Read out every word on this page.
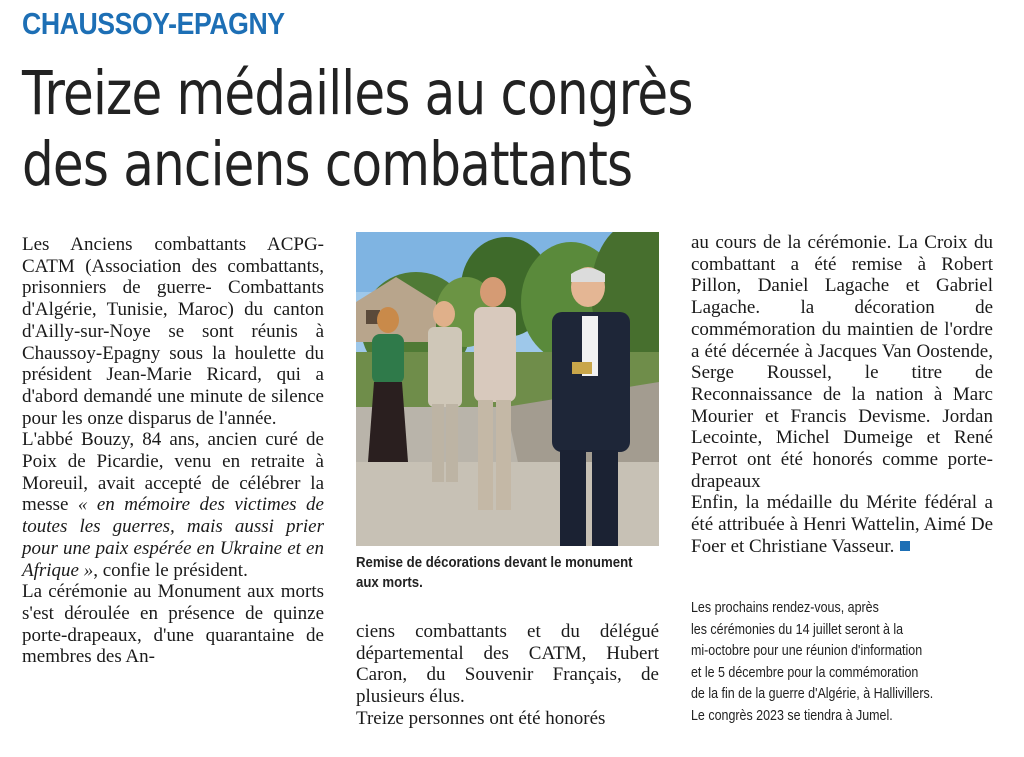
CHAUSSOY-EPAGNY
Treize médailles au congrès
des anciens combattants

Les Anciens combattants ACPG-CATM (Association des combattants, prisonniers de guerre- Combattants d'Algérie, Tunisie, Maroc) du canton d'Ailly-sur-Noye se sont réunis à Chaussoy-Epagny sous la houlette du président Jean-Marie Ricard, qui a d'abord demandé une minute de silence pour les onze disparus de l'année.

L'abbé Bouzy, 84 ans, ancien curé de Poix de Picardie, venu en retraite à Moreuil, avait accepté de célébrer la messe « en mémoire des victimes de toutes les guerres, mais aussi prier pour une paix espérée en Ukraine et en Afrique », confie le président.

La cérémonie au Monument aux morts s'est déroulée en présence de quinze porte-drapeaux, d'une quarantaine de membres des An-

Remise de décorations devant le monument aux morts.

ciens combattants et du délégué départemental des CATM, Hubert Caron, du Souvenir Français, de plusieurs élus.

Treize personnes ont été honorés

au cours de la cérémonie. La Croix du combattant a été remise à Robert Pillon, Daniel Lagache et Gabriel Lagache. la décoration de commémoration du maintien de l'ordre a été décernée à Jacques Van Oostende, Serge Roussel, le titre de Reconnaissance de la nation à Marc Mourier et Francis Devisme. Jordan Lecointe, Michel Dumeige et René Perrot ont été honorés comme porte-drapeaux

Enfin, la médaille du Mérite fédéral a été attribuée à Henri Wattelin, Aimé De Foer et Christiane Vasseur.

Les prochains rendez-vous, après

les cérémonies du 14 juillet seront à la

mi-octobre pour une réunion d'information

et le 5 décembre pour la commémoration

de la fin de la guerre d'Algérie, à Hallivillers.

Le congrès 2023 se tiendra à Jumel.
